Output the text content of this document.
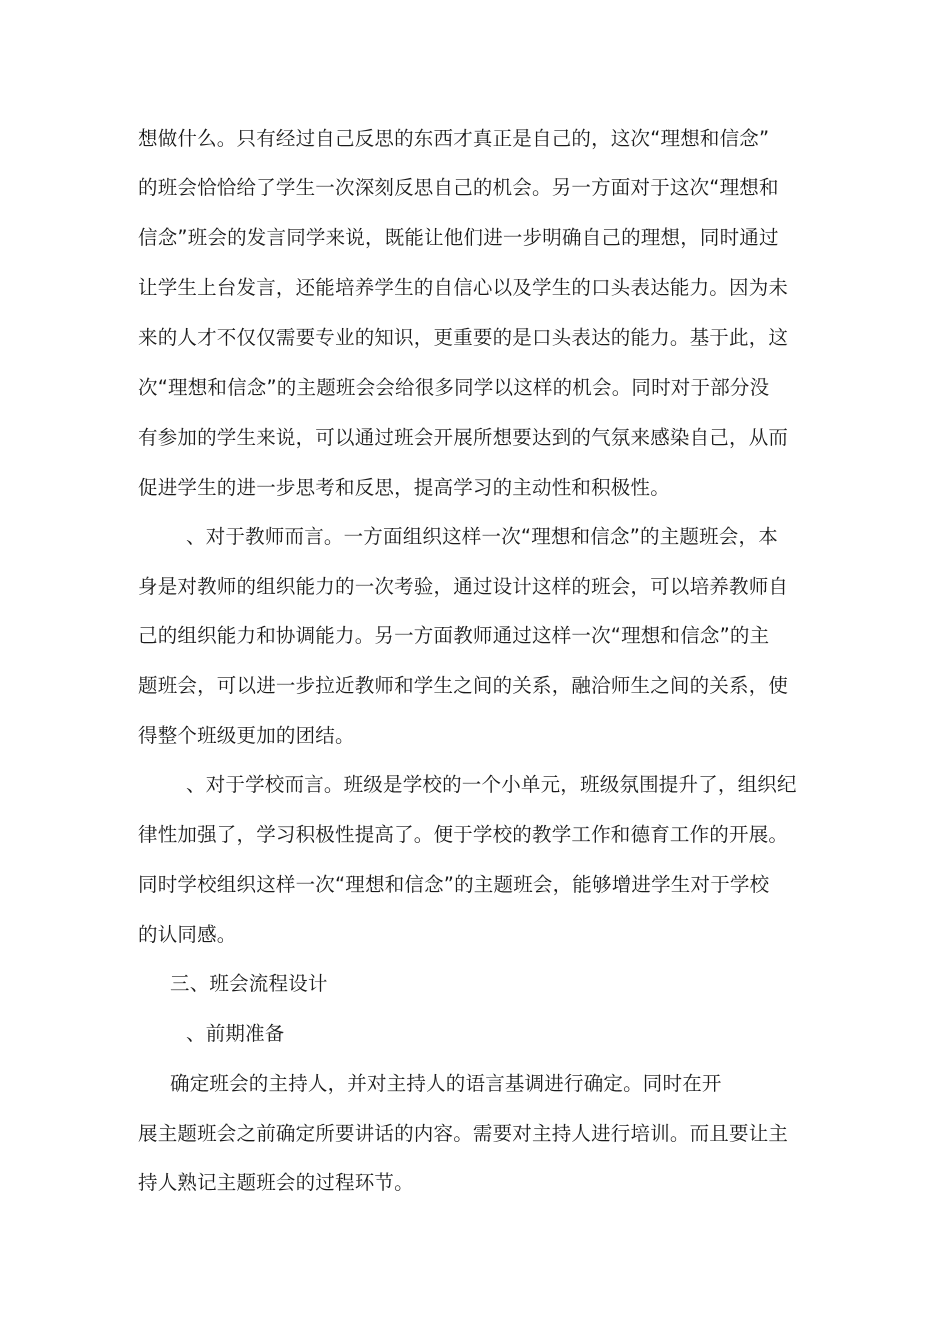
想做什么。只有经过自己反思的东西才真正是自己的，这次“理想和信念”
的班会恰恰给了学生一次深刻反思自己的机会。另一方面对于这次“理想和
信念”班会的发言同学来说，既能让他们进一步明确自己的理想，同时通过
让学生上台发言，还能培养学生的自信心以及学生的口头表达能力。因为未
来的人才不仅仅需要专业的知识，更重要的是口头表达的能力。基于此，这
次“理想和信念”的主题班会会给很多同学以这样的机会。同时对于部分没
有参加的学生来说，可以通过班会开展所想要达到的气氛来感染自己，从而
促进学生的进一步思考和反思，提高学习的主动性和积极性。
、对于教师而言。一方面组织这样一次“理想和信念”的主题班会，本
身是对教师的组织能力的一次考验，通过设计这样的班会，可以培养教师自
己的组织能力和协调能力。另一方面教师通过这样一次“理想和信念”的主
题班会，可以进一步拉近教师和学生之间的关系，融洽师生之间的关系，使
得整个班级更加的团结。
、对于学校而言。班级是学校的一个小单元，班级氛围提升了，组织纪
律性加强了，学习积极性提高了。便于学校的教学工作和德育工作的开展。
同时学校组织这样一次“理想和信念”的主题班会，能够增进学生对于学校
的认同感。
三、班会流程设计
、前期准备
确定班会的主持人，并对主持人的语言基调进行确定。同时在开
展主题班会之前确定所要讲话的内容。需要对主持人进行培训。而且要让主
持人熟记主题班会的过程环节。
